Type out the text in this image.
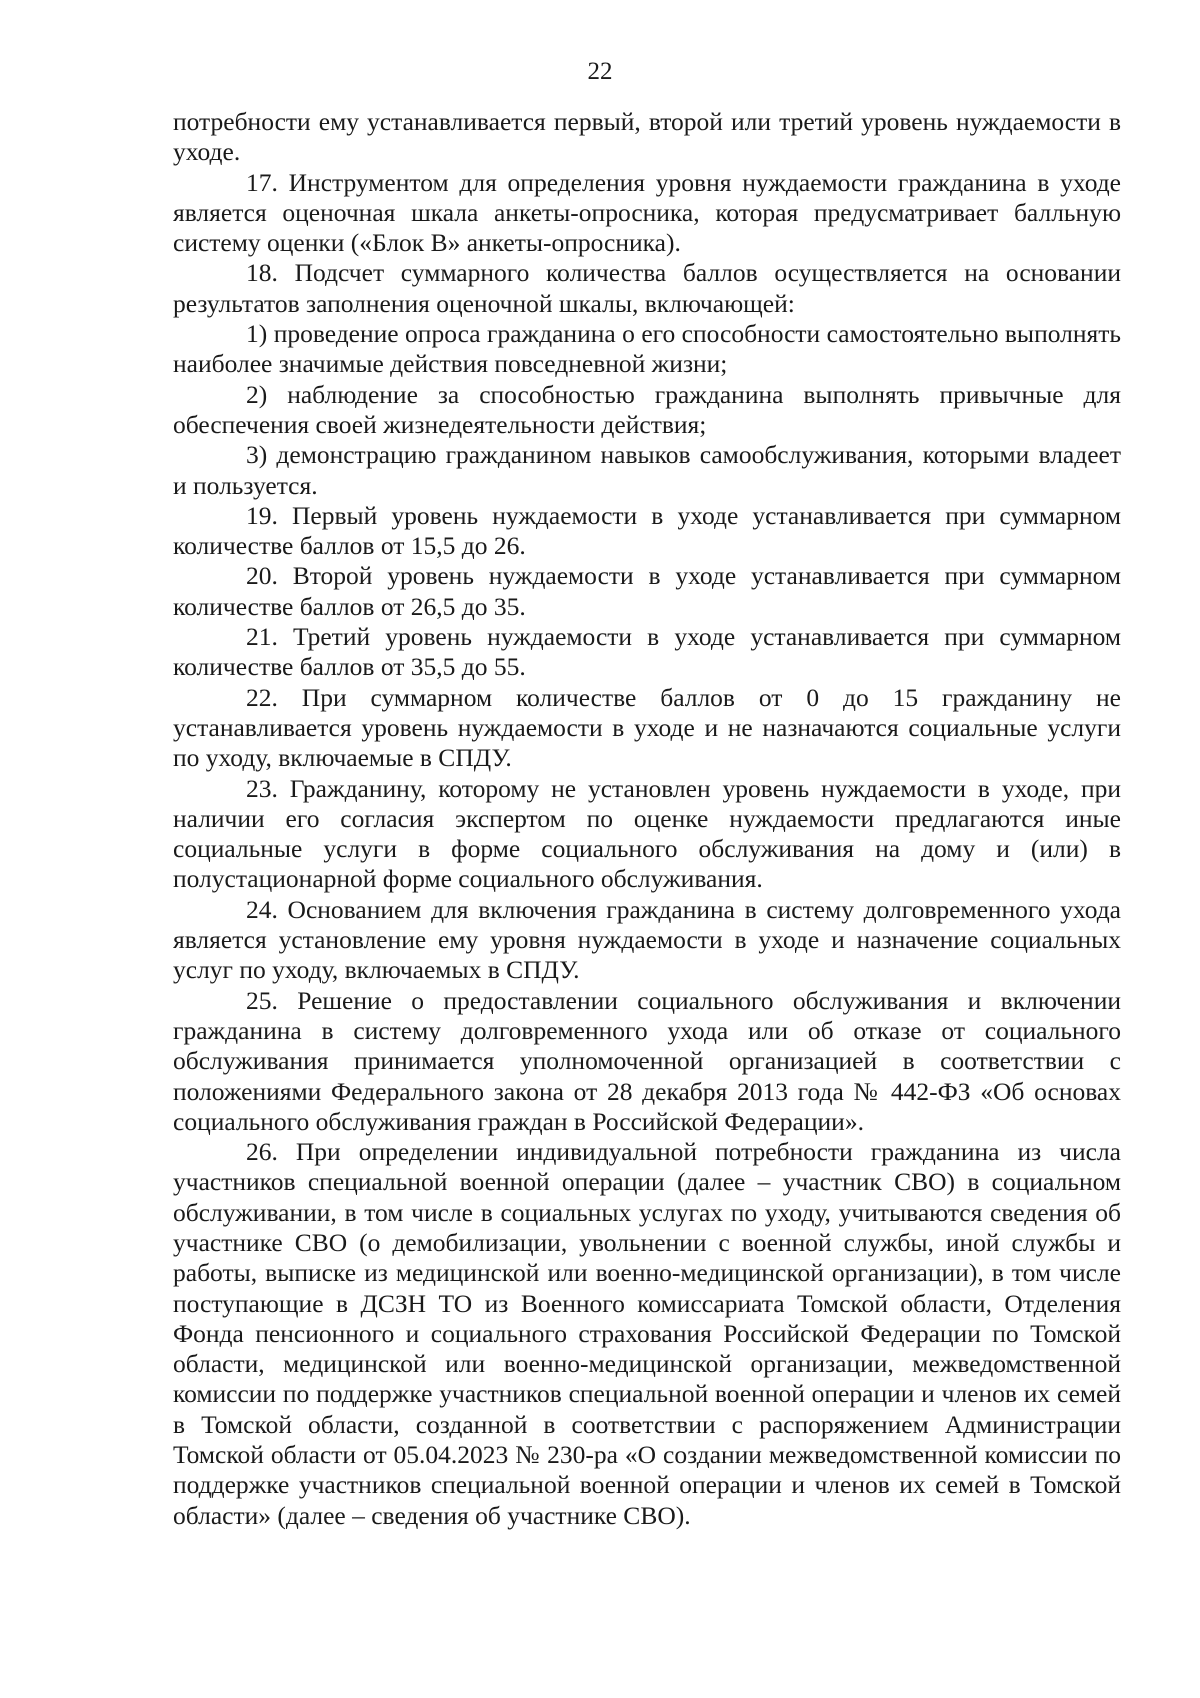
22

потребности ему устанавливается первый, второй или третий уровень нуждаемости в уходе.

17. Инструментом для определения уровня нуждаемости гражданина в уходе является оценочная шкала анкеты-опросника, которая предусматривает балльную систему оценки («Блок В» анкеты-опросника).

18. Подсчет суммарного количества баллов осуществляется на основании результатов заполнения оценочной шкалы, включающей:

1) проведение опроса гражданина о его способности самостоятельно выполнять наиболее значимые действия повседневной жизни;

2) наблюдение за способностью гражданина выполнять привычные для обеспечения своей жизнедеятельности действия;

3) демонстрацию гражданином навыков самообслуживания, которыми владеет и пользуется.

19. Первый уровень нуждаемости в уходе устанавливается при суммарном количестве баллов от 15,5 до 26.

20. Второй уровень нуждаемости в уходе устанавливается при суммарном количестве баллов от 26,5 до 35.

21. Третий уровень нуждаемости в уходе устанавливается при суммарном количестве баллов от 35,5 до 55.

22. При суммарном количестве баллов от 0 до 15 гражданину не устанавливается уровень нуждаемости в уходе и не назначаются социальные услуги по уходу, включаемые в СПДУ.

23. Гражданину, которому не установлен уровень нуждаемости в уходе, при наличии его согласия экспертом по оценке нуждаемости предлагаются иные социальные услуги в форме социального обслуживания на дому и (или) в полустационарной форме социального обслуживания.

24. Основанием для включения гражданина в систему долговременного ухода является установление ему уровня нуждаемости в уходе и назначение социальных услуг по уходу, включаемых в СПДУ.

25. Решение о предоставлении социального обслуживания и включении гражданина в систему долговременного ухода или об отказе от социального обслуживания принимается уполномоченной организацией в соответствии с положениями Федерального закона от 28 декабря 2013 года № 442-ФЗ «Об основах социального обслуживания граждан в Российской Федерации».

26. При определении индивидуальной потребности гражданина из числа участников специальной военной операции (далее – участник СВО) в социальном обслуживании, в том числе в социальных услугах по уходу, учитываются сведения об участнике СВО (о демобилизации, увольнении с военной службы, иной службы и работы, выписке из медицинской или военно-медицинской организации), в том числе поступающие в ДСЗН ТО из Военного комиссариата Томской области, Отделения Фонда пенсионного и социального страхования Российской Федерации по Томской области, медицинской или военно-медицинской организации, межведомственной комиссии по поддержке участников специальной военной операции и членов их семей в Томской области, созданной в соответствии с распоряжением Администрации Томской области от 05.04.2023 № 230-ра «О создании межведомственной комиссии по поддержке участников специальной военной операции и членов их семей в Томской области» (далее – сведения об участнике СВО).
